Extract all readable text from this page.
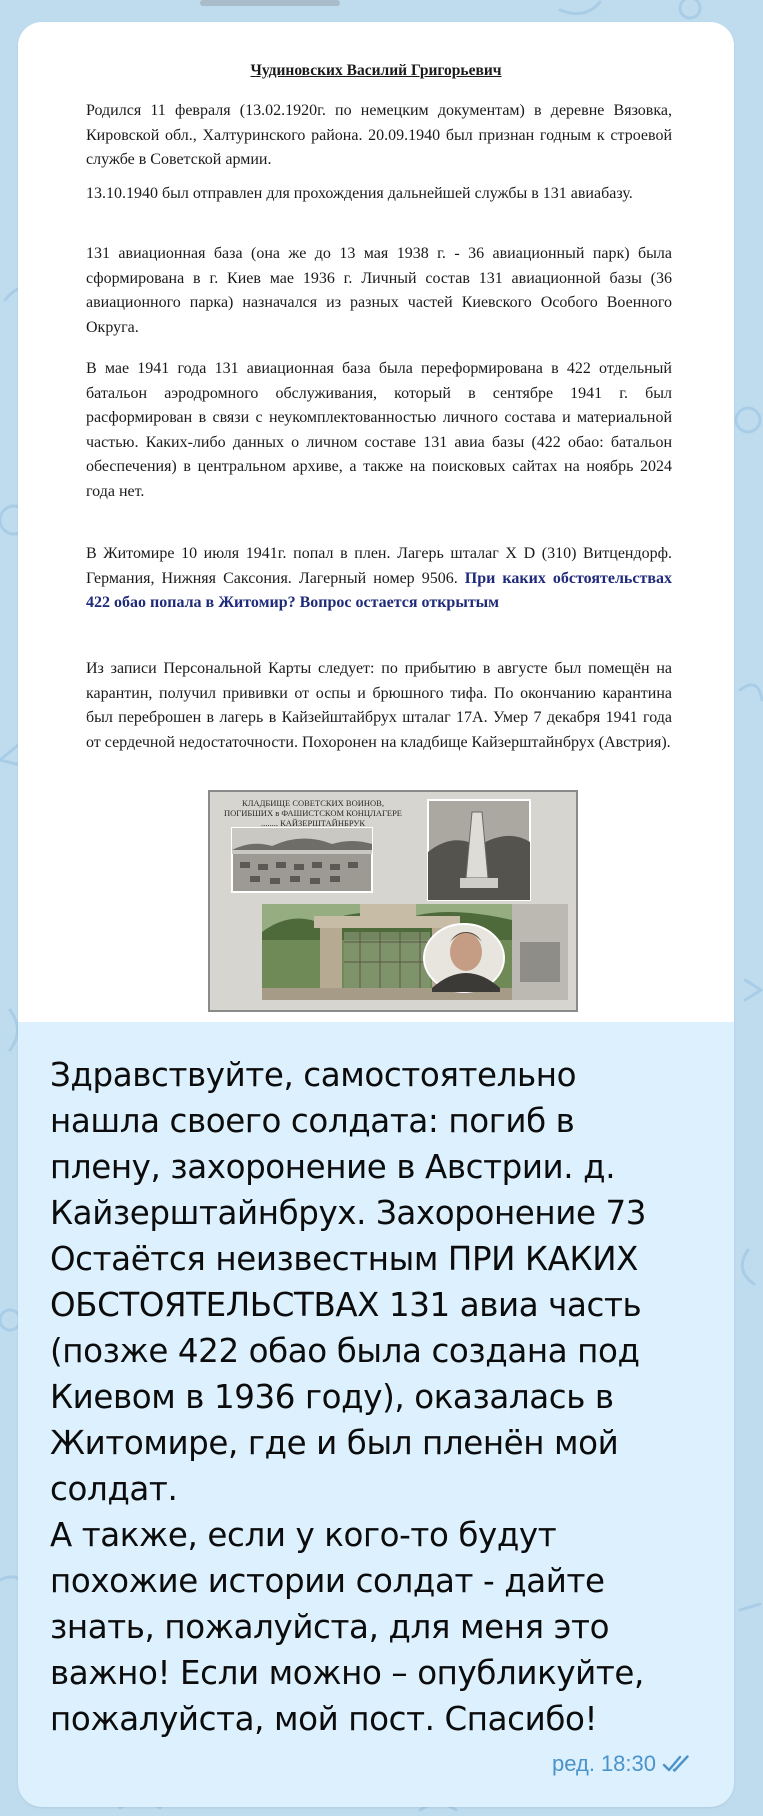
Чудиновских Василий Григорьевич
Родился 11 февраля (13.02.1920г. по немецким документам) в деревне Вязовка, Кировской обл., Халтуринского района. 20.09.1940 был признан годным к строевой службе в Советской армии.
13.10.1940 был отправлен для прохождения дальнейшей службы в 131 авиабазу.
131 авиационная база (она же до 13 мая 1938 г. - 36 авиационный парк) была сформирована в г. Киев мае 1936 г. Личный состав 131 авиационной базы (36 авиационного парка) назначался из разных частей Киевского Особого Военного Округа.
В мае 1941 года 131 авиационная база была переформирована в 422 отдельный батальон аэродромного обслуживания, который в сентябре 1941 г. был расформирован в связи с неукомплектованностью личного состава и материальной частью. Каких-либо данных о личном составе 131 авиа базы (422 обао: батальон обеспечения) в центральном архиве, а также на поисковых сайтах на ноябрь 2024 года нет.
В Житомире 10 июля 1941г. попал в плен. Лагерь шталаг X D (310) Витцендорф. Германия, Нижняя Саксония. Лагерный номер 9506. При каких обстоятельствах 422 обао попала в Житомир? Вопрос остается открытым
Из записи Персональной Карты следует: по прибытию в августе был помещён на карантин, получил прививки от оспы и брюшного тифа. По окончанию карантина был переброшен в лагерь в Кайзейштайбрух шталаг 17А. Умер 7 декабря 1941 года от сердечной недостаточности. Похоронен на кладбище Кайзерштайнбрух (Австрия).
КЛАДБИЩЕ СОВЕТСКИХ ВОИНОВ, ПОГИБШИХ в ФАШИСТСКОМ КОНЦЛАГЕРЕ ........ КАЙЗЕРШТАЙНБРУК
Здравствуйте, самостоятельно
нашла своего солдата: погиб в
плену, захоронение в Австрии. д.
Кайзерштайнбрух. Захоронение 73
Остаётся неизвестным ПРИ КАКИХ
ОБСТОЯТЕЛЬСТВАХ 131 авиа часть
(позже 422 обао была создана под
Киевом в 1936 году), оказалась в
Житомире, где и был пленён мой
солдат.
А также, если у кого-то будут
похожие истории солдат - дайте
знать, пожалуйста, для меня это
важно! Если можно – опубликуйте,
пожалуйста, мой пост. Спасибо!
ред. 18:30
